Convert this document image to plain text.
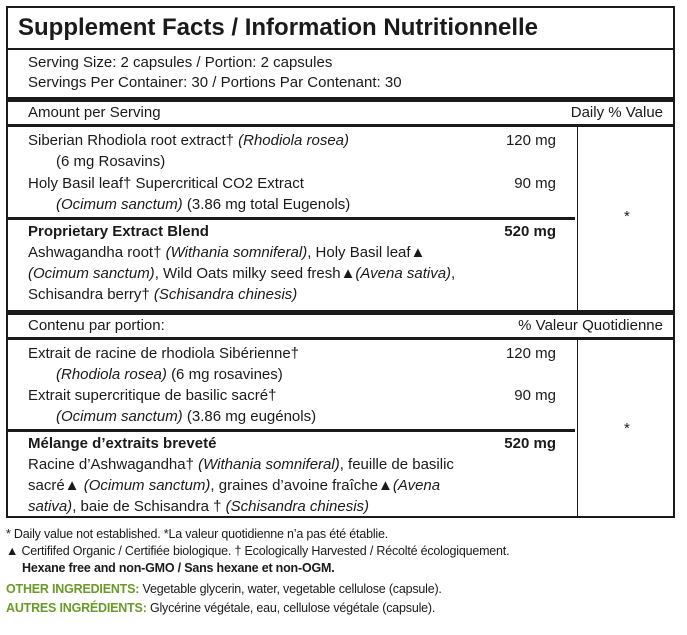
Supplement Facts / Information Nutritionnelle
Serving Size: 2 capsules / Portion: 2 capsules
Servings Per Container: 30 / Portions Par Contenant: 30
Amount per Serving	Daily % Value
Siberian Rhodiola root extract† (Rhodiola rosea)	120 mg
(6 mg Rosavins)
Holy Basil leaf† Supercritical CO2 Extract	90 mg
(Ocimum sanctum) (3.86 mg total Eugenols)
Proprietary Extract Blend	520 mg
Ashwagandha root† (Withania somniferal), Holy Basil leaf▲
(Ocimum sanctum), Wild Oats milky seed fresh▲(Avena sativa),
Schisandra berry† (Schisandra chinesis)
*
Contenu par portion:	% Valeur Quotidienne
Extrait de racine de rhodiola Sibérienne†	120 mg
(Rhodiola rosea) (6 mg rosavines)
Extrait supercritique de basilic sacré†	90 mg
(Ocimum sanctum) (3.86 mg eugénols)
Mélange d’extraits breveté	520 mg
Racine d’Ashwagandha† (Withania somniferal), feuille de basilic
sacré▲ (Ocimum sanctum), graines d’avoine fraîche▲(Avena
sativa), baie de Schisandra † (Schisandra chinesis)
*
* Daily value not established. *La valeur quotidienne n’a pas été établie.
▲ Certififed Organic / Certifiée biologique. † Ecologically Harvested / Récolté écologiquement.
Hexane free and non-GMO / Sans hexane et non-OGM.
OTHER INGREDIENTS: Vegetable glycerin, water, vegetable cellulose (capsule).
AUTRES INGRÉDIENTS: Glycérine végétale, eau, cellulose végétale (capsule).
